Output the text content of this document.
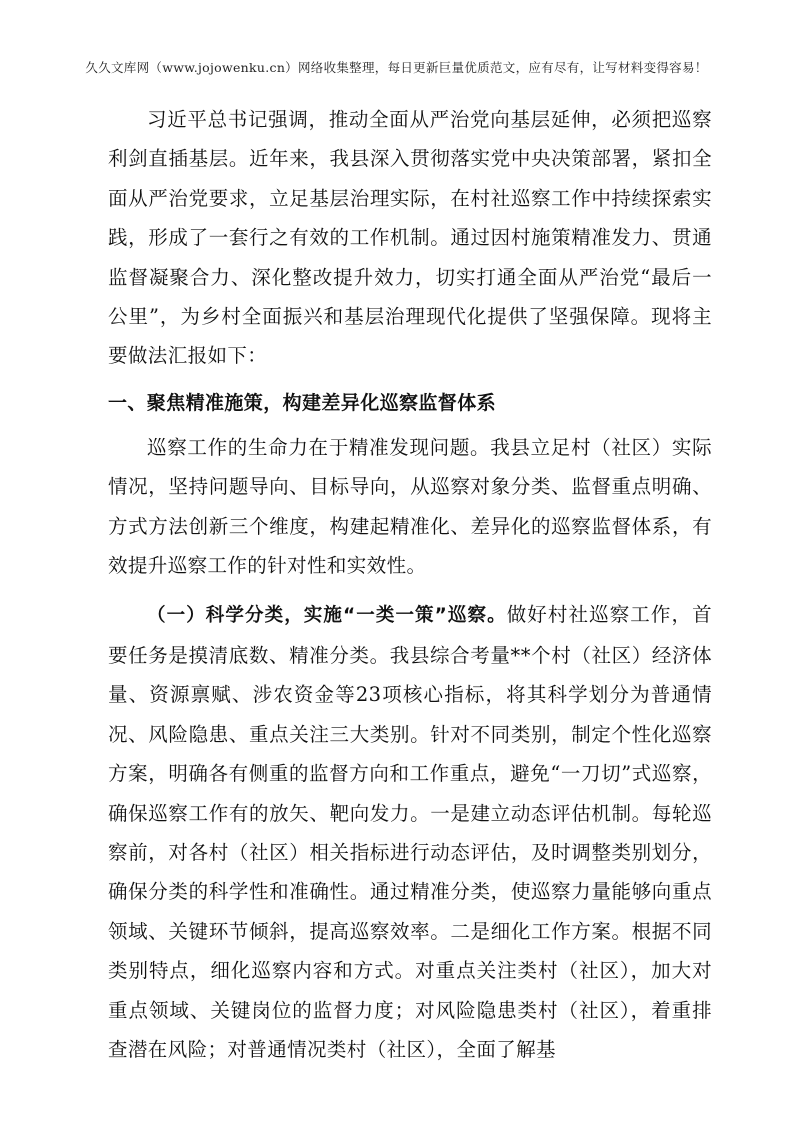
久久文库网（www.jojowenku.cn）网络收集整理，每日更新巨量优质范文，应有尽有，让写材料变得容易！

习近平总书记强调，推动全面从严治党向基层延伸，必须把巡察利剑直插基层。近年来，我县深入贯彻落实党中央决策部署，紧扣全面从严治党要求，立足基层治理实际，在村社巡察工作中持续探索实践，形成了一套行之有效的工作机制。通过因村施策精准发力、贯通监督凝聚合力、深化整改提升效力，切实打通全面从严治党“最后一公里”，为乡村全面振兴和基层治理现代化提供了坚强保障。现将主要做法汇报如下：

一、聚焦精准施策，构建差异化巡察监督体系

巡察工作的生命力在于精准发现问题。我县立足村（社区）实际情况，坚持问题导向、目标导向，从巡察对象分类、监督重点明确、方式方法创新三个维度，构建起精准化、差异化的巡察监督体系，有效提升巡察工作的针对性和实效性。

（一）科学分类，实施“一类一策”巡察。做好村社巡察工作，首要任务是摸清底数、精准分类。我县综合考量**个村（社区）经济体量、资源禀赋、涉农资金等23项核心指标，将其科学划分为普通情况、风险隐患、重点关注三大类别。针对不同类别，制定个性化巡察方案，明确各有侧重的监督方向和工作重点，避免“一刀切”式巡察，确保巡察工作有的放矢、靶向发力。一是建立动态评估机制。每轮巡察前，对各村（社区）相关指标进行动态评估，及时调整类别划分，确保分类的科学性和准确性。通过精准分类，使巡察力量能够向重点领域、关键环节倾斜，提高巡察效率。二是细化工作方案。根据不同类别特点，细化巡察内容和方式。对重点关注类村（社区），加大对重点领域、关键岗位的监督力度；对风险隐患类村（社区），着重排查潜在风险；对普通情况类村（社区），全面了解基
